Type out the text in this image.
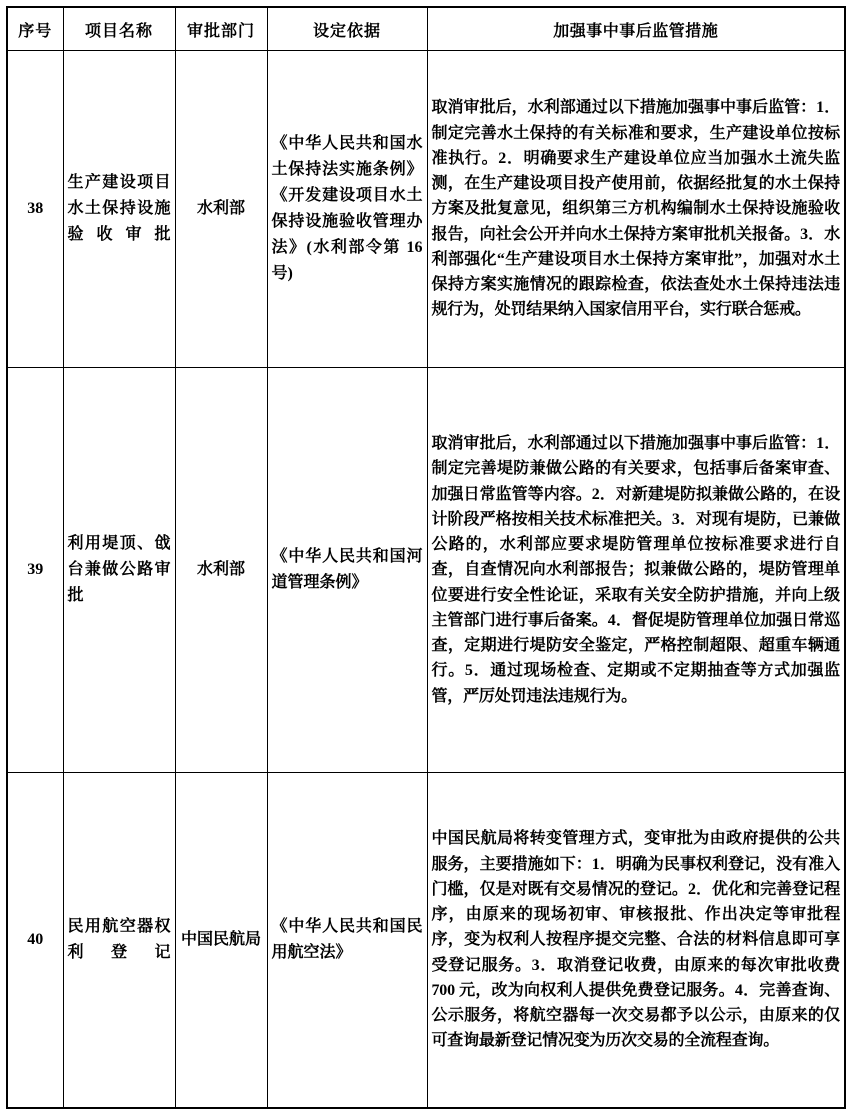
序号	项目名称	审批部门	设定依据	加强事中事后监管措施
38	生产建设项目水土保持设施验收审批	水利部	《中华人民共和国水土保持法实施条例》《开发建设项目水土保持设施验收管理办法》(水利部令第 16 号)	取消审批后，水利部通过以下措施加强事中事后监管：1．制定完善水土保持的有关标准和要求，生产建设单位按标准执行。2．明确要求生产建设单位应当加强水土流失监测，在生产建设项目投产使用前，依据经批复的水土保持方案及批复意见，组织第三方机构编制水土保持设施验收报告，向社会公开并向水土保持方案审批机关报备。3．水利部强化“生产建设项目水土保持方案审批”，加强对水土保持方案实施情况的跟踪检查，依法查处水土保持违法违规行为，处罚结果纳入国家信用平台，实行联合惩戒。
39	利用堤顶、戗台兼做公路审批	水利部	《中华人民共和国河道管理条例》	取消审批后，水利部通过以下措施加强事中事后监管：1．制定完善堤防兼做公路的有关要求，包括事后备案审查、加强日常监管等内容。2．对新建堤防拟兼做公路的，在设计阶段严格按相关技术标准把关。3．对现有堤防，已兼做公路的，水利部应要求堤防管理单位按标准要求进行自查，自查情况向水利部报告；拟兼做公路的，堤防管理单位要进行安全性论证，采取有关安全防护措施，并向上级主管部门进行事后备案。4．督促堤防管理单位加强日常巡查，定期进行堤防安全鉴定，严格控制超限、超重车辆通行。5．通过现场检查、定期或不定期抽查等方式加强监管，严厉处罚违法违规行为。
40	民用航空器权利登记	中国民航局	《中华人民共和国民用航空法》	中国民航局将转变管理方式，变审批为由政府提供的公共服务，主要措施如下：1．明确为民事权利登记，没有准入门槛，仅是对既有交易情况的登记。2．优化和完善登记程序，由原来的现场初审、审核报批、作出决定等审批程序，变为权利人按程序提交完整、合法的材料信息即可享受登记服务。3．取消登记收费，由原来的每次审批收费 700 元，改为向权利人提供免费登记服务。4．完善查询、公示服务，将航空器每一次交易都予以公示，由原来的仅可查询最新登记情况变为历次交易的全流程查询。
